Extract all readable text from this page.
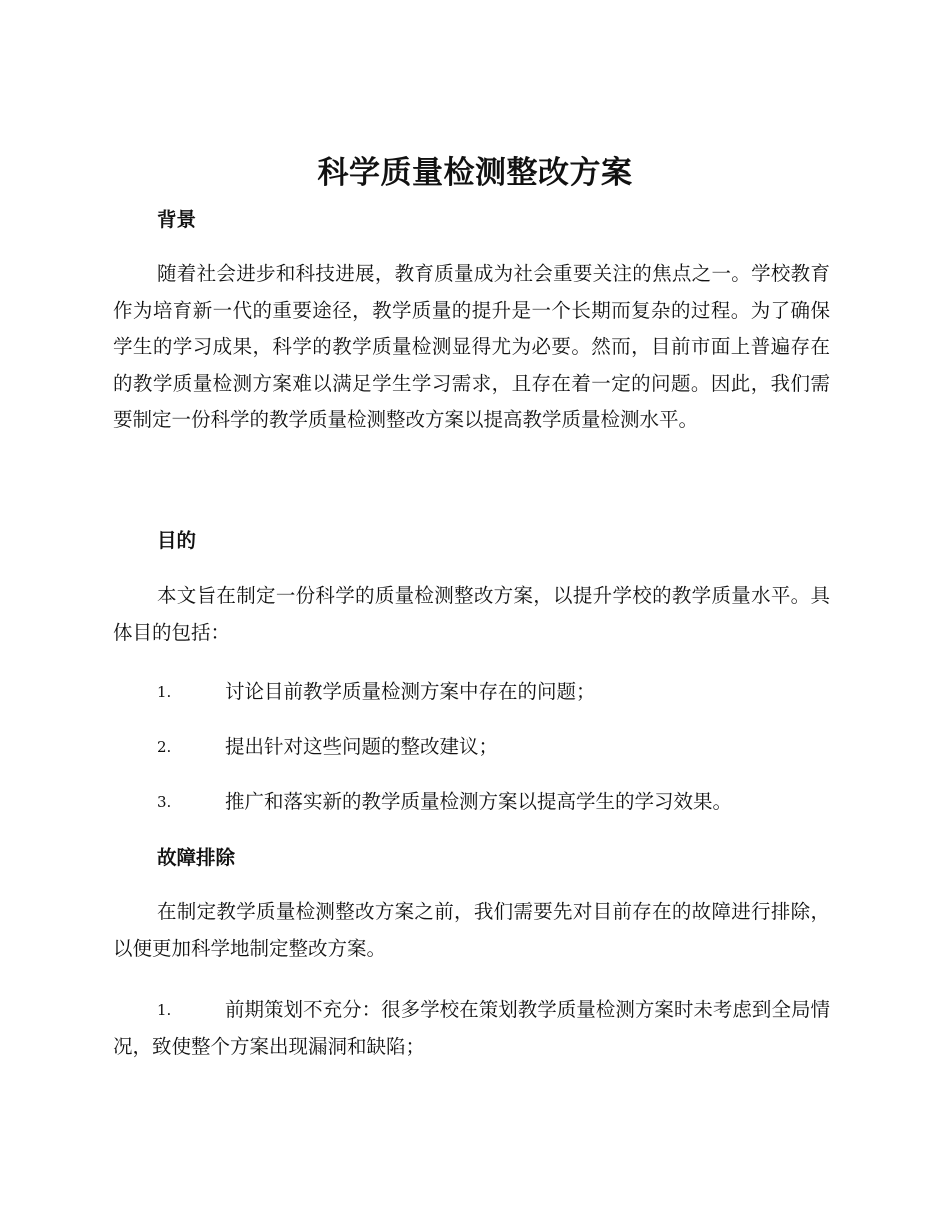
科学质量检测整改方案
背景

随着社会进步和科技进展，教育质量成为社会重要关注的焦点之一。学校教育作为培育新一代的重要途径，教学质量的提升是一个长期而复杂的过程。为了确保学生的学习成果，科学的教学质量检测显得尤为必要。然而，目前市面上普遍存在的教学质量检测方案难以满足学生学习需求，且存在着一定的问题。因此，我们需要制定一份科学的教学质量检测整改方案以提高教学质量检测水平。

目的

本文旨在制定一份科学的质量检测整改方案，以提升学校的教学质量水平。具体目的包括：

1.	讨论目前教学质量检测方案中存在的问题；
2.	提出针对这些问题的整改建议；
3.	推广和落实新的教学质量检测方案以提高学生的学习效果。
故障排除

在制定教学质量检测整改方案之前，我们需要先对目前存在的故障进行排除，以便更加科学地制定整改方案。

1.	前期策划不充分：很多学校在策划教学质量检测方案时未考虑到全局情况，致使整个方案出现漏洞和缺陷；
